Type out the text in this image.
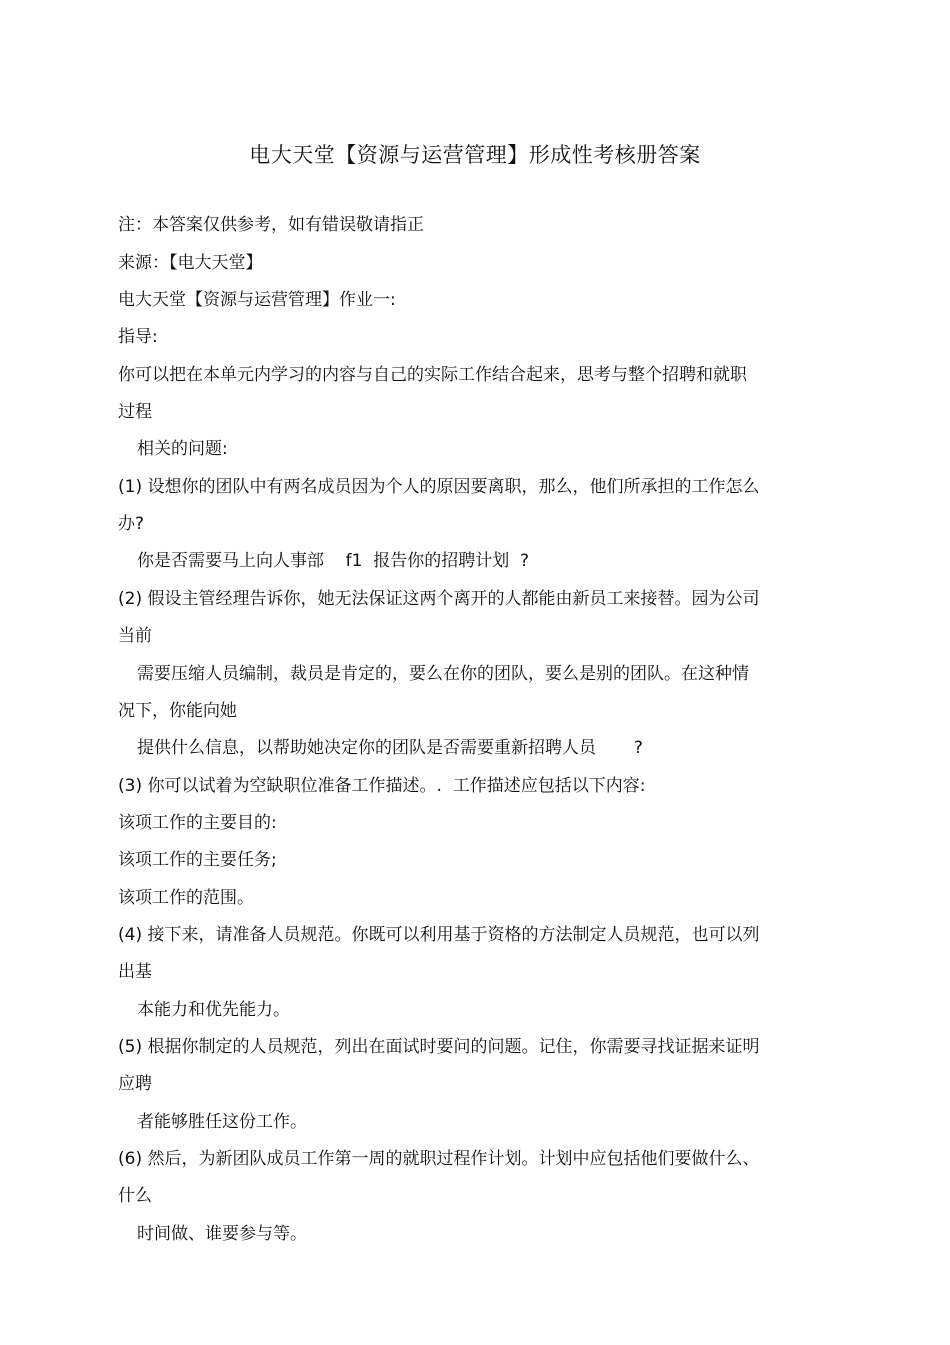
电大天堂【资源与运营管理】形成性考核册答案
注：本答案仅供参考，如有错误敬请指正
来源：【电大天堂】
电大天堂【资源与运营管理】作业一:
指导:
你可以把在本单元内学习的内容与自己的实际工作结合起来，思考与整个招聘和就职
过程
相关的问题:
(1) 设想你的团队中有两名成员因为个人的原因要离职，那么，他们所承担的工作怎么
办?
你是否需要马上向人事部    f1  报告你的招聘计划  ?
(2) 假设主管经理告诉你，她无法保证这两个离开的人都能由新员工来接替。园为公司
当前
需要压缩人员编制，裁员是肯定的，要么在你的团队，要么是别的团队。在这种情
况下，你能向她
提供什么信息，以帮助她决定你的团队是否需要重新招聘人员       ?
(3) 你可以试着为空缺职位准备工作描述。.  工作描述应包括以下内容:
该项工作的主要目的:
该项工作的主要任务;
该项工作的范围。
(4) 接下来，请准备人员规范。你既可以利用基于资格的方法制定人员规范，也可以列
出基
本能力和优先能力。
(5) 根据你制定的人员规范，列出在面试时要问的问题。记住，你需要寻找证据来证明
应聘
者能够胜任这份工作。
(6) 然后，为新团队成员工作第一周的就职过程作计划。计划中应包括他们要做什么、
什么
时间做、谁要参与等。
